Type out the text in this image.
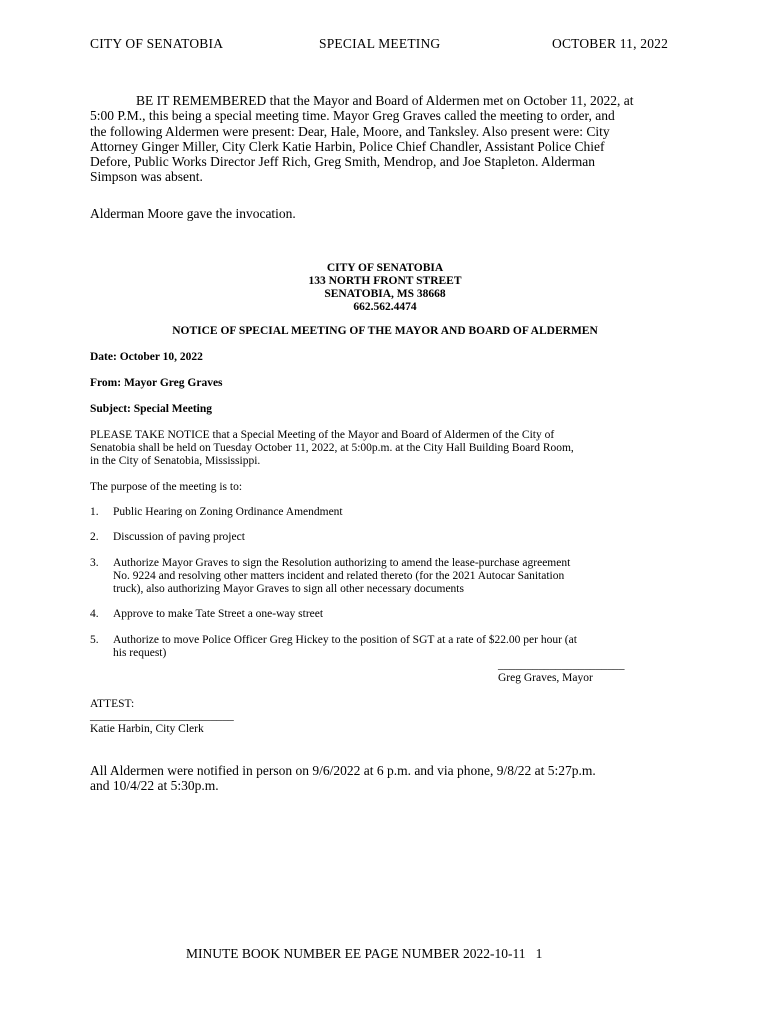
CITY OF SENATOBIA	SPECIAL MEETING	OCTOBER 11, 2022
BE IT REMEMBERED that the Mayor and Board of Aldermen met on October 11, 2022, at
5:00 P.M., this being a special meeting time. Mayor Greg Graves called the meeting to order, and
the following Aldermen were present: Dear, Hale, Moore, and Tanksley. Also present were: City
Attorney Ginger Miller, City Clerk Katie Harbin, Police Chief Chandler, Assistant Police Chief
Defore, Public Works Director Jeff Rich, Greg Smith, Mendrop, and Joe Stapleton. Alderman
Simpson was absent.
Alderman Moore gave the invocation.
CITY OF SENATOBIA
133 NORTH FRONT STREET
SENATOBIA, MS 38668
662.562.4474
NOTICE OF SPECIAL MEETING OF THE MAYOR AND BOARD OF ALDERMEN
Date: October 10, 2022
From: Mayor Greg Graves
Subject: Special Meeting
PLEASE TAKE NOTICE that a Special Meeting of the Mayor and Board of Aldermen of the City of
Senatobia shall be held on Tuesday October 11, 2022, at 5:00p.m. at the City Hall Building Board Room,
in the City of Senatobia, Mississippi.
The purpose of the meeting is to:
1. Public Hearing on Zoning Ordinance Amendment
2. Discussion of paving project
3. Authorize Mayor Graves to sign the Resolution authorizing to amend the lease-purchase agreement
No. 9224 and resolving other matters incident and related thereto (for the 2021 Autocar Sanitation
truck), also authorizing Mayor Graves to sign all other necessary documents
4. Approve to make Tate Street a one-way street
5. Authorize to move Police Officer Greg Hickey to the position of SGT at a rate of $22.00 per hour (at
his request)
______________________
Greg Graves, Mayor
ATTEST:
_________________________
Katie Harbin, City Clerk
All Aldermen were notified in person on 9/6/2022 at 6 p.m. and via phone, 9/8/22 at 5:27p.m.
and 10/4/22 at 5:30p.m.
MINUTE BOOK NUMBER EE PAGE NUMBER 2022-10-11   1
